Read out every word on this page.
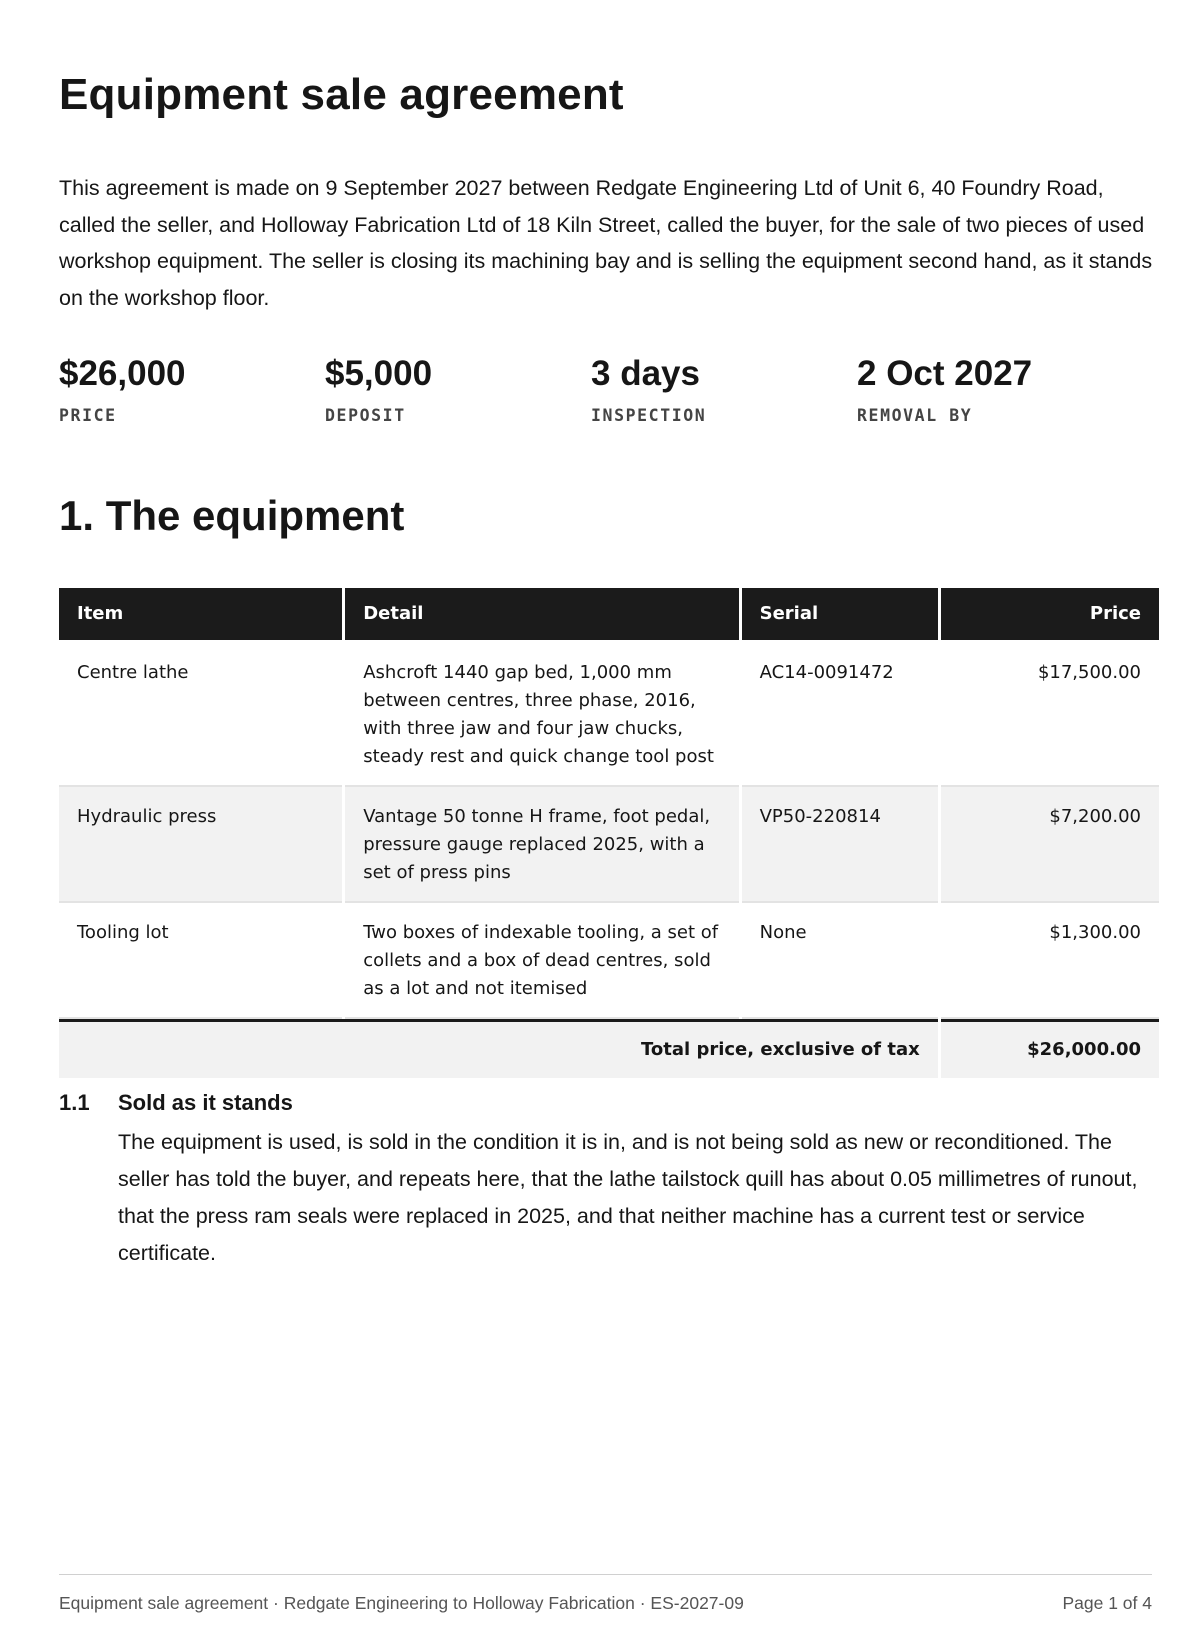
Equipment sale agreement

This agreement is made on 9 September 2027 between Redgate Engineering Ltd of Unit 6, 40 Foundry Road, called the seller, and Holloway Fabrication Ltd of 18 Kiln Street, called the buyer, for the sale of two pieces of used workshop equipment. The seller is closing its machining bay and is selling the equipment second hand, as it stands on the workshop floor.

$26,000
PRICE
$5,000
DEPOSIT
3 days
INSPECTION
2 Oct 2027
REMOVAL BY
1. The equipment
Item	Detail	Serial	Price
Centre lathe	Ashcroft 1440 gap bed, 1,000 mm between centres, three phase, 2016, with three jaw and four jaw chucks, steady rest and quick change tool post	AC14-0091472	$17,500.00
Hydraulic press	Vantage 50 tonne H frame, foot pedal, pressure gauge replaced 2025, with a set of press pins	VP50-220814	$7,200.00
Tooling lot	Two boxes of indexable tooling, a set of collets and a box of dead centres, sold as a lot and not itemised	None	$1,300.00
Total price, exclusive of tax			$26,000.00
1.1	Sold as it stands

The equipment is used, is sold in the condition it is in, and is not being sold as new or reconditioned. The seller has told the buyer, and repeats here, that the lathe tailstock quill has about 0.05 millimetres of runout, that the press ram seals were replaced in 2025, and that neither machine has a current test or service certificate.

Equipment sale agreement · Redgate Engineering to Holloway Fabrication · ES-2027-09	Page 1 of 4
